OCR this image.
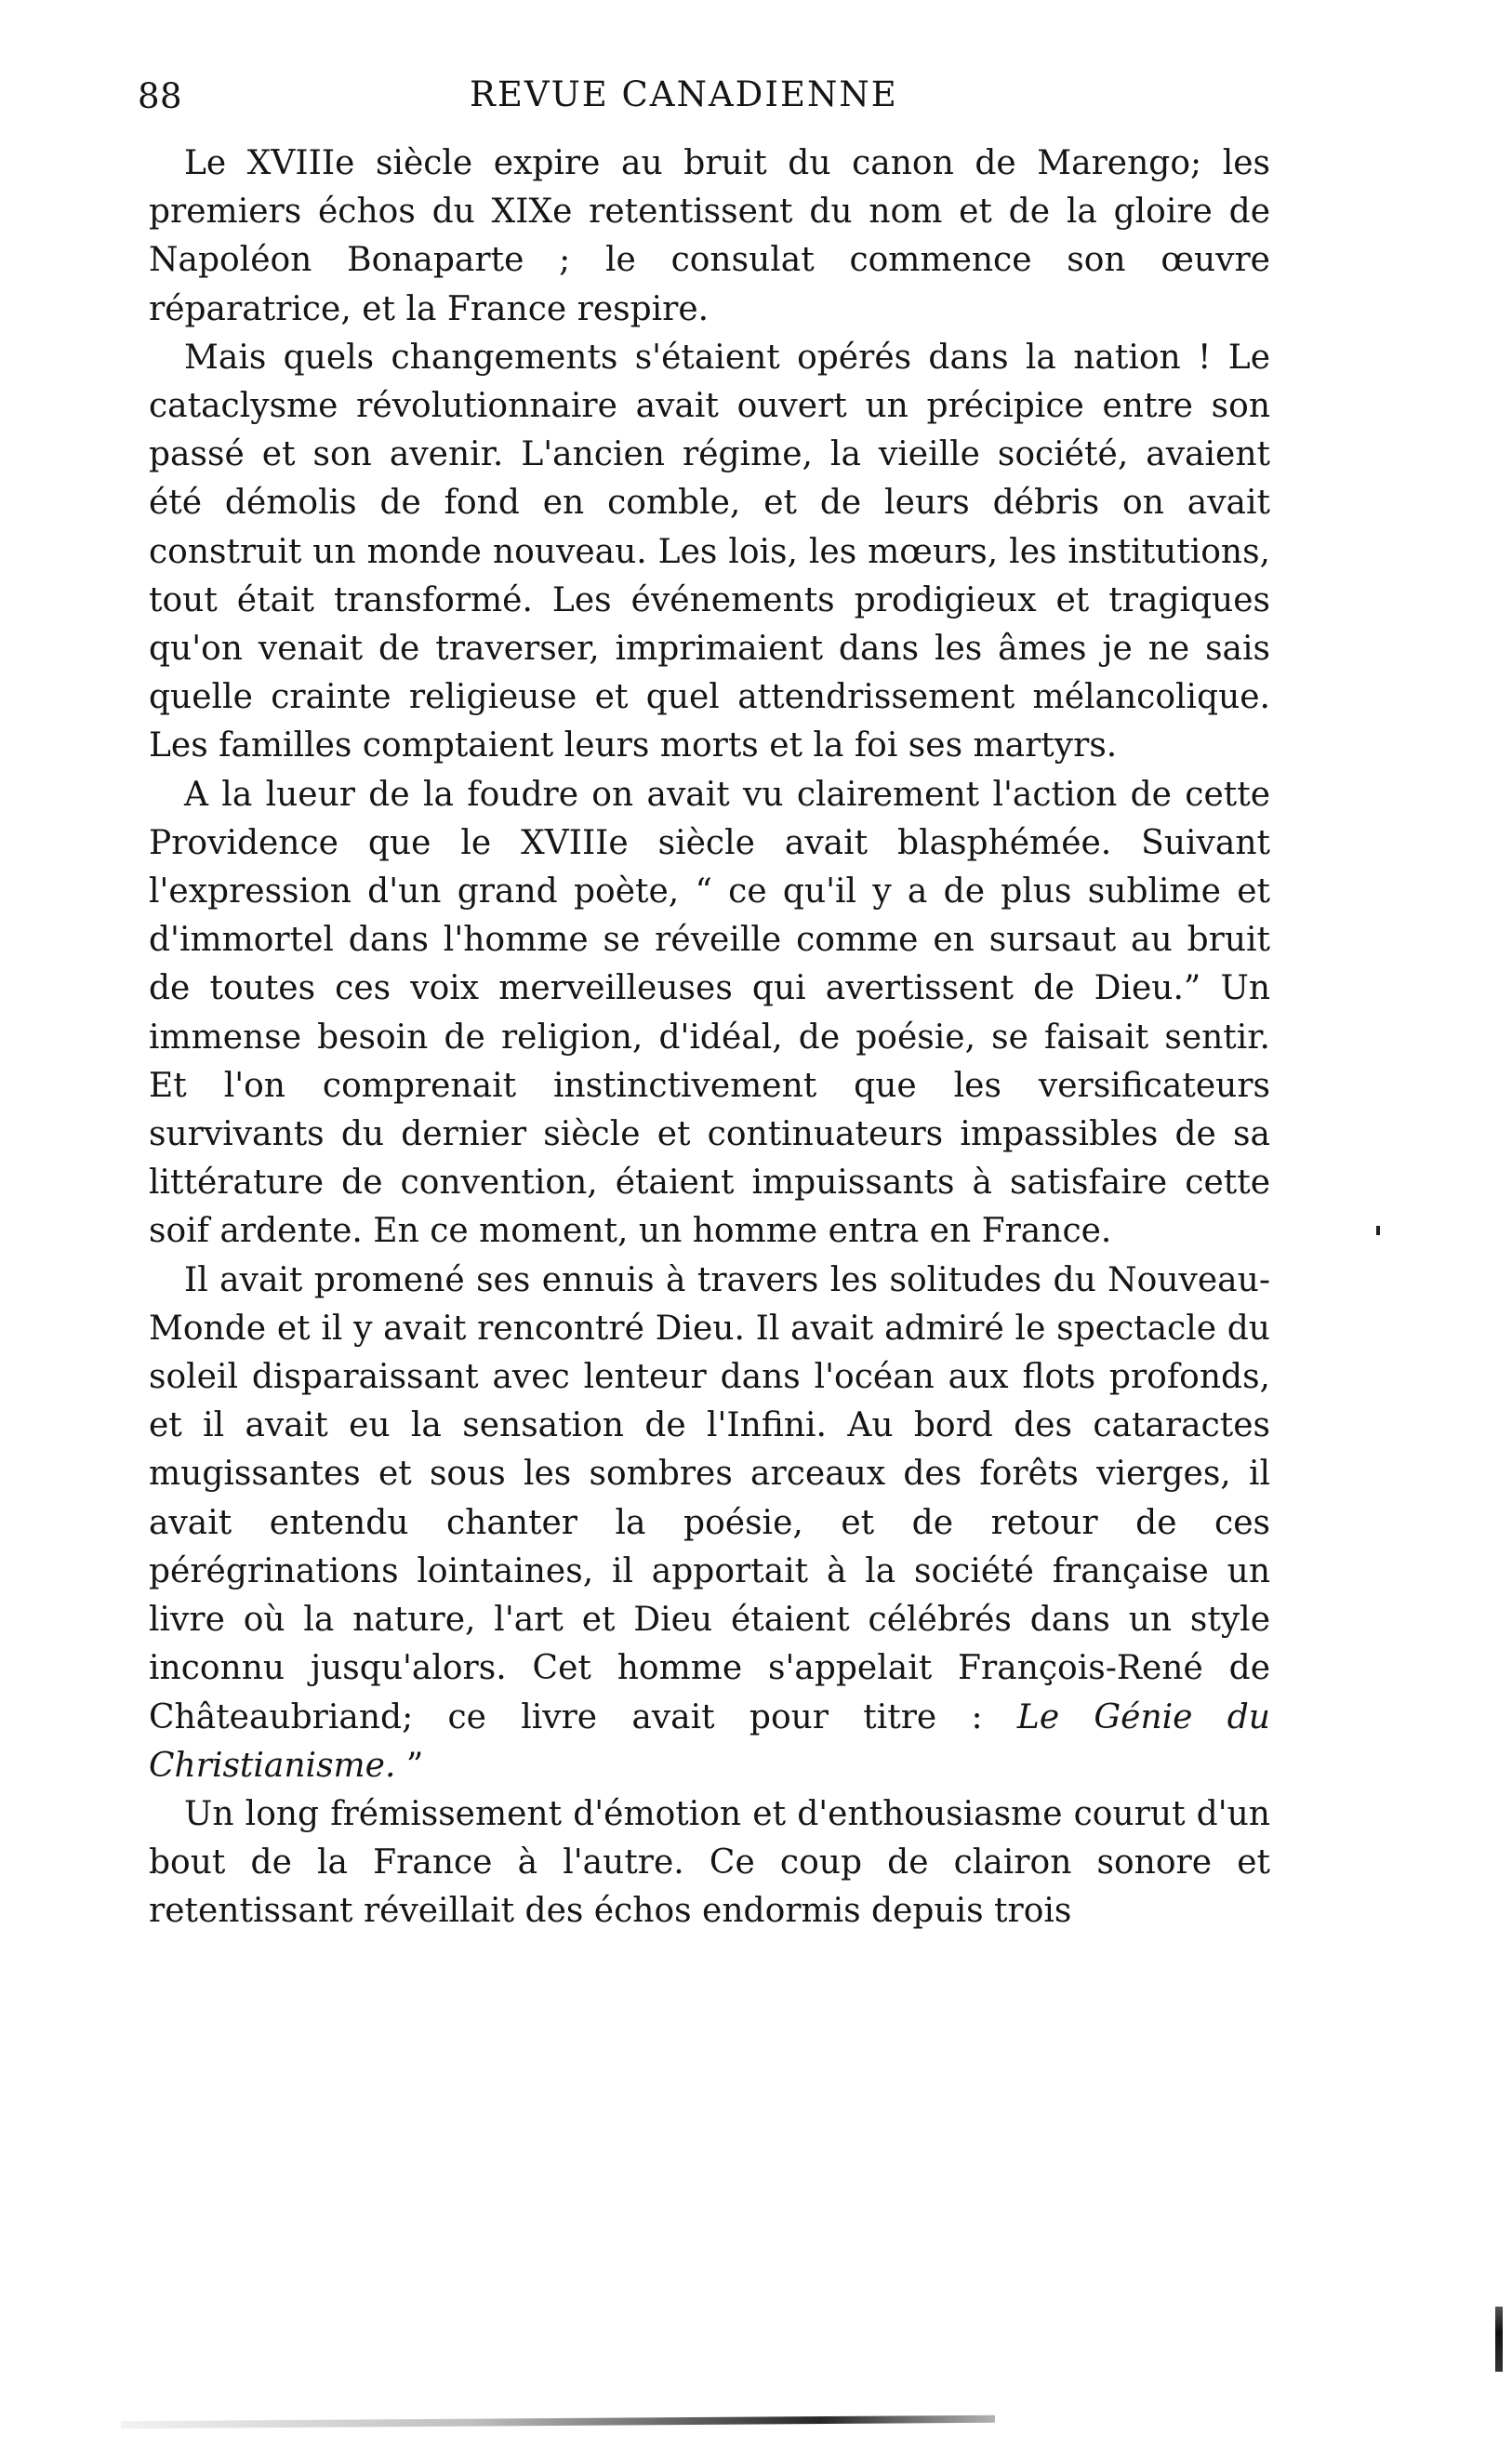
88	REVUE CANADIENNE

Le XVIIIe siècle expire au bruit du canon de Marengo; les premiers échos du XIXe retentissent du nom et de la gloire de Napoléon Bonaparte ; le consulat commence son œuvre réparatrice, et la France respire.

Mais quels changements s'étaient opérés dans la nation ! Le cataclysme révolutionnaire avait ouvert un précipice entre son passé et son avenir. L'ancien régime, la vieille société, avaient été démolis de fond en comble, et de leurs débris on avait construit un monde nouveau. Les lois, les mœurs, les institutions, tout était transformé. Les événements prodigieux et tragiques qu'on venait de traverser, imprimaient dans les âmes je ne sais quelle crainte religieuse et quel attendrissement mélancolique. Les familles comptaient leurs morts et la foi ses martyrs.

A la lueur de la foudre on avait vu clairement l'action de cette Providence que le XVIIIe siècle avait blasphémée. Suivant l'expression d'un grand poète, “ ce qu'il y a de plus sublime et d'immortel dans l'homme se réveille comme en sursaut au bruit de toutes ces voix merveilleuses qui avertissent de Dieu.” Un immense besoin de religion, d'idéal, de poésie, se faisait sentir. Et l'on comprenait instinctivement que les versificateurs survivants du dernier siècle et continuateurs impassibles de sa littérature de convention, étaient impuissants à satisfaire cette soif ardente. En ce moment, un homme entra en France.

Il avait promené ses ennuis à travers les solitudes du Nouveau-Monde et il y avait rencontré Dieu. Il avait admiré le spectacle du soleil disparaissant avec lenteur dans l'océan aux flots profonds, et il avait eu la sensation de l'Infini. Au bord des cataractes mugissantes et sous les sombres arceaux des forêts vierges, il avait entendu chanter la poésie, et de retour de ces pérégrinations lointaines, il apportait à la société française un livre où la nature, l'art et Dieu étaient célébrés dans un style inconnu jusqu'alors. Cet homme s'appelait François-René de Châteaubriand; ce livre avait pour titre : Le Génie du Christianisme. ”

Un long frémissement d'émotion et d'enthousiasme courut d'un bout de la France à l'autre. Ce coup de clairon sonore et retentissant réveillait des échos endormis depuis trois
